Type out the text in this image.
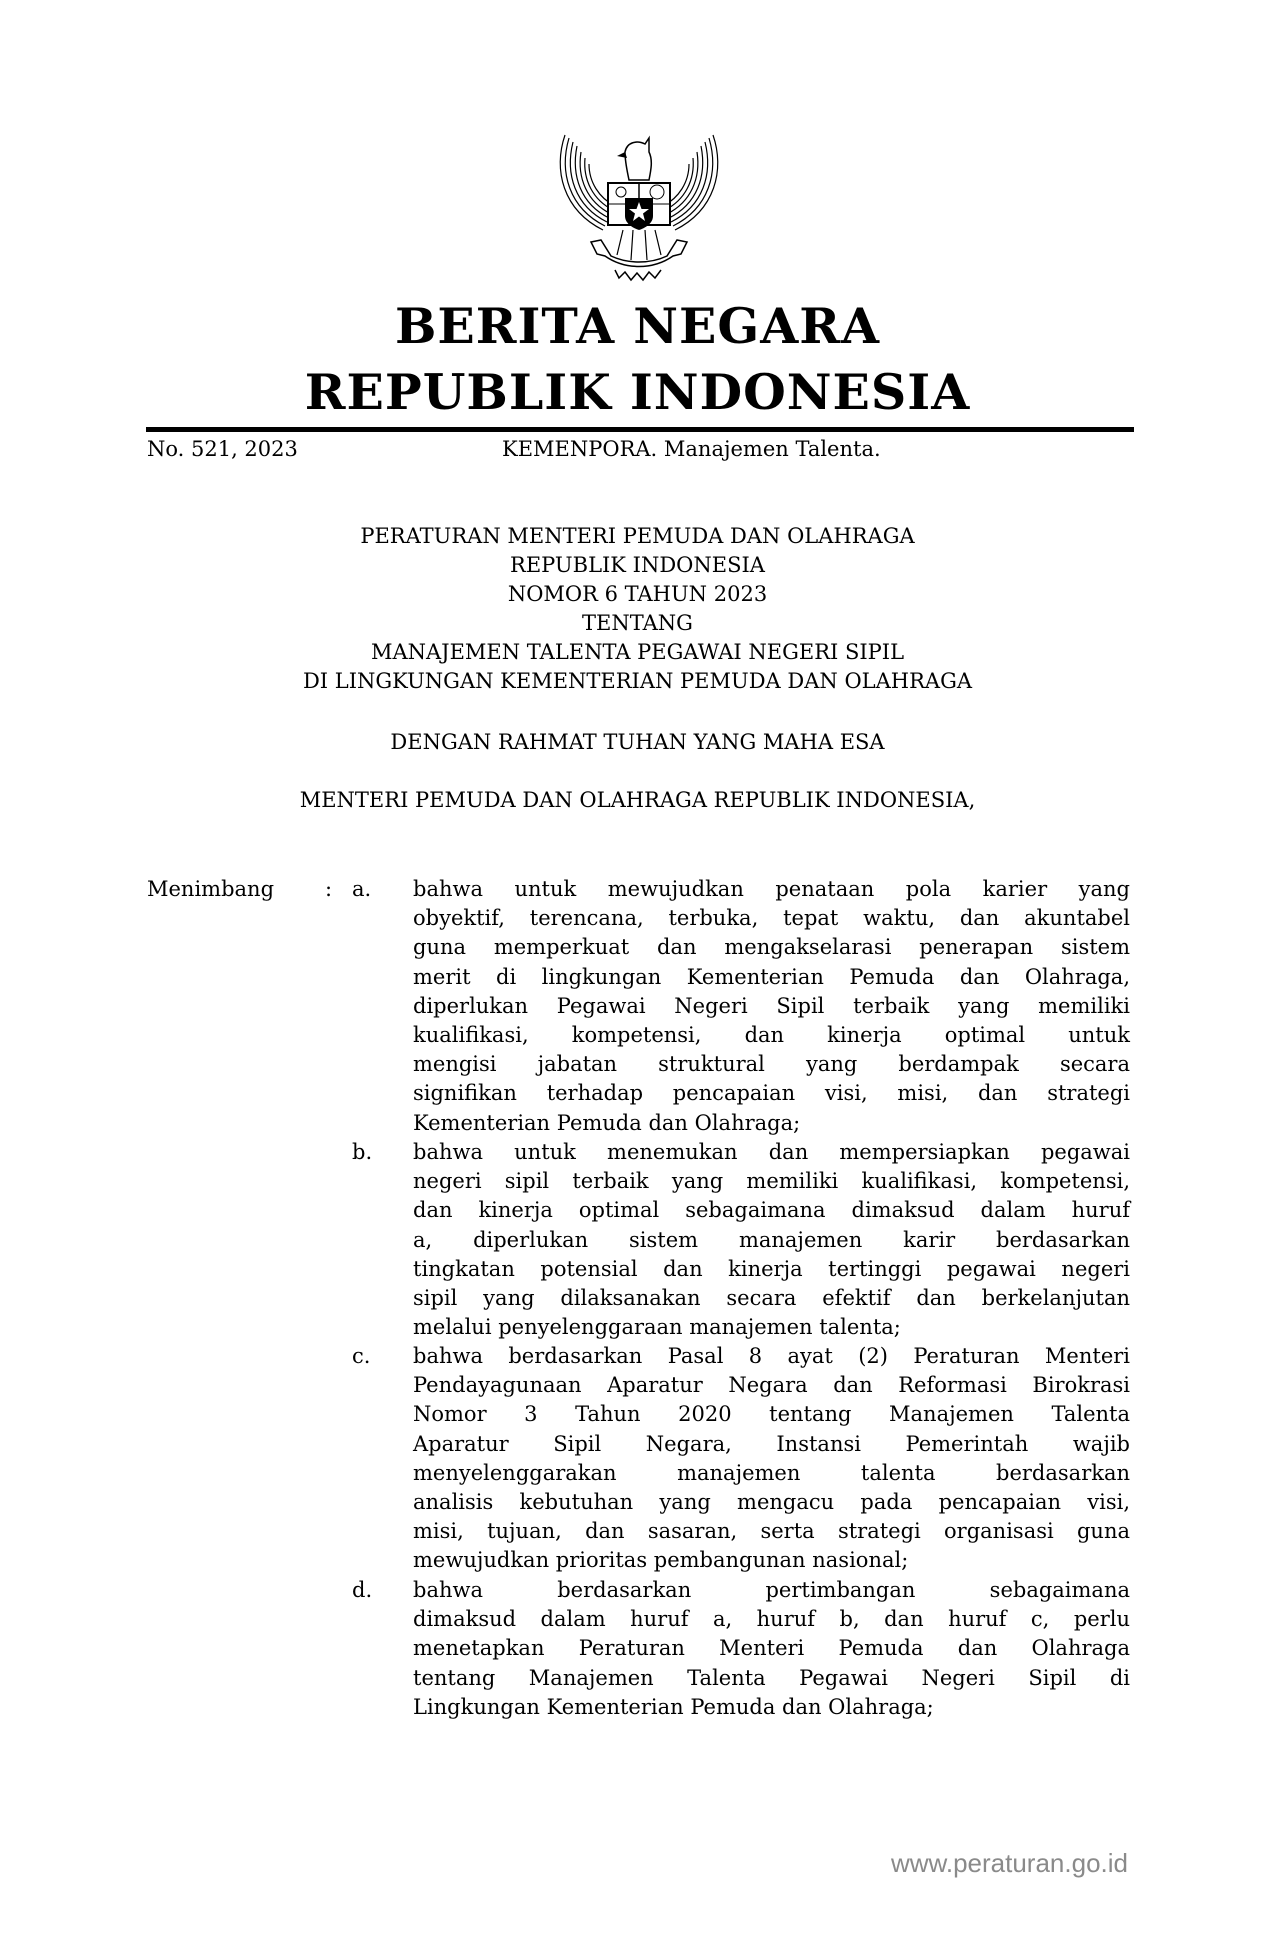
BERITA NEGARA
REPUBLIK INDONESIA
No. 521, 2023	KEMENPORA. Manajemen Talenta.
PERATURAN MENTERI PEMUDA DAN OLAHRAGA
REPUBLIK INDONESIA
NOMOR 6 TAHUN 2023
TENTANG
MANAJEMEN TALENTA PEGAWAI NEGERI SIPIL
DI LINGKUNGAN KEMENTERIAN PEMUDA DAN OLAHRAGA
DENGAN RAHMAT TUHAN YANG MAHA ESA
MENTERI PEMUDA DAN OLAHRAGA REPUBLIK INDONESIA,
Menimbang : a. bahwa untuk mewujudkan penataan pola karier yang
obyektif, terencana, terbuka, tepat waktu, dan akuntabel
guna memperkuat dan mengakselarasi penerapan sistem
merit di lingkungan Kementerian Pemuda dan Olahraga,
diperlukan Pegawai Negeri Sipil terbaik yang memiliki
kualifikasi, kompetensi, dan kinerja optimal untuk
mengisi jabatan struktural yang berdampak secara
signifikan terhadap pencapaian visi, misi, dan strategi
Kementerian Pemuda dan Olahraga;
b. bahwa untuk menemukan dan mempersiapkan pegawai
negeri sipil terbaik yang memiliki kualifikasi, kompetensi,
dan kinerja optimal sebagaimana dimaksud dalam huruf
a, diperlukan sistem manajemen karir berdasarkan
tingkatan potensial dan kinerja tertinggi pegawai negeri
sipil yang dilaksanakan secara efektif dan berkelanjutan
melalui penyelenggaraan manajemen talenta;
c. bahwa berdasarkan Pasal 8 ayat (2) Peraturan Menteri
Pendayagunaan Aparatur Negara dan Reformasi Birokrasi
Nomor 3 Tahun 2020 tentang Manajemen Talenta
Aparatur Sipil Negara, Instansi Pemerintah wajib
menyelenggarakan manajemen talenta berdasarkan
analisis kebutuhan yang mengacu pada pencapaian visi,
misi, tujuan, dan sasaran, serta strategi organisasi guna
mewujudkan prioritas pembangunan nasional;
d. bahwa berdasarkan pertimbangan sebagaimana
dimaksud dalam huruf a, huruf b, dan huruf c, perlu
menetapkan Peraturan Menteri Pemuda dan Olahraga
tentang Manajemen Talenta Pegawai Negeri Sipil di
Lingkungan Kementerian Pemuda dan Olahraga;
www.peraturan.go.id
